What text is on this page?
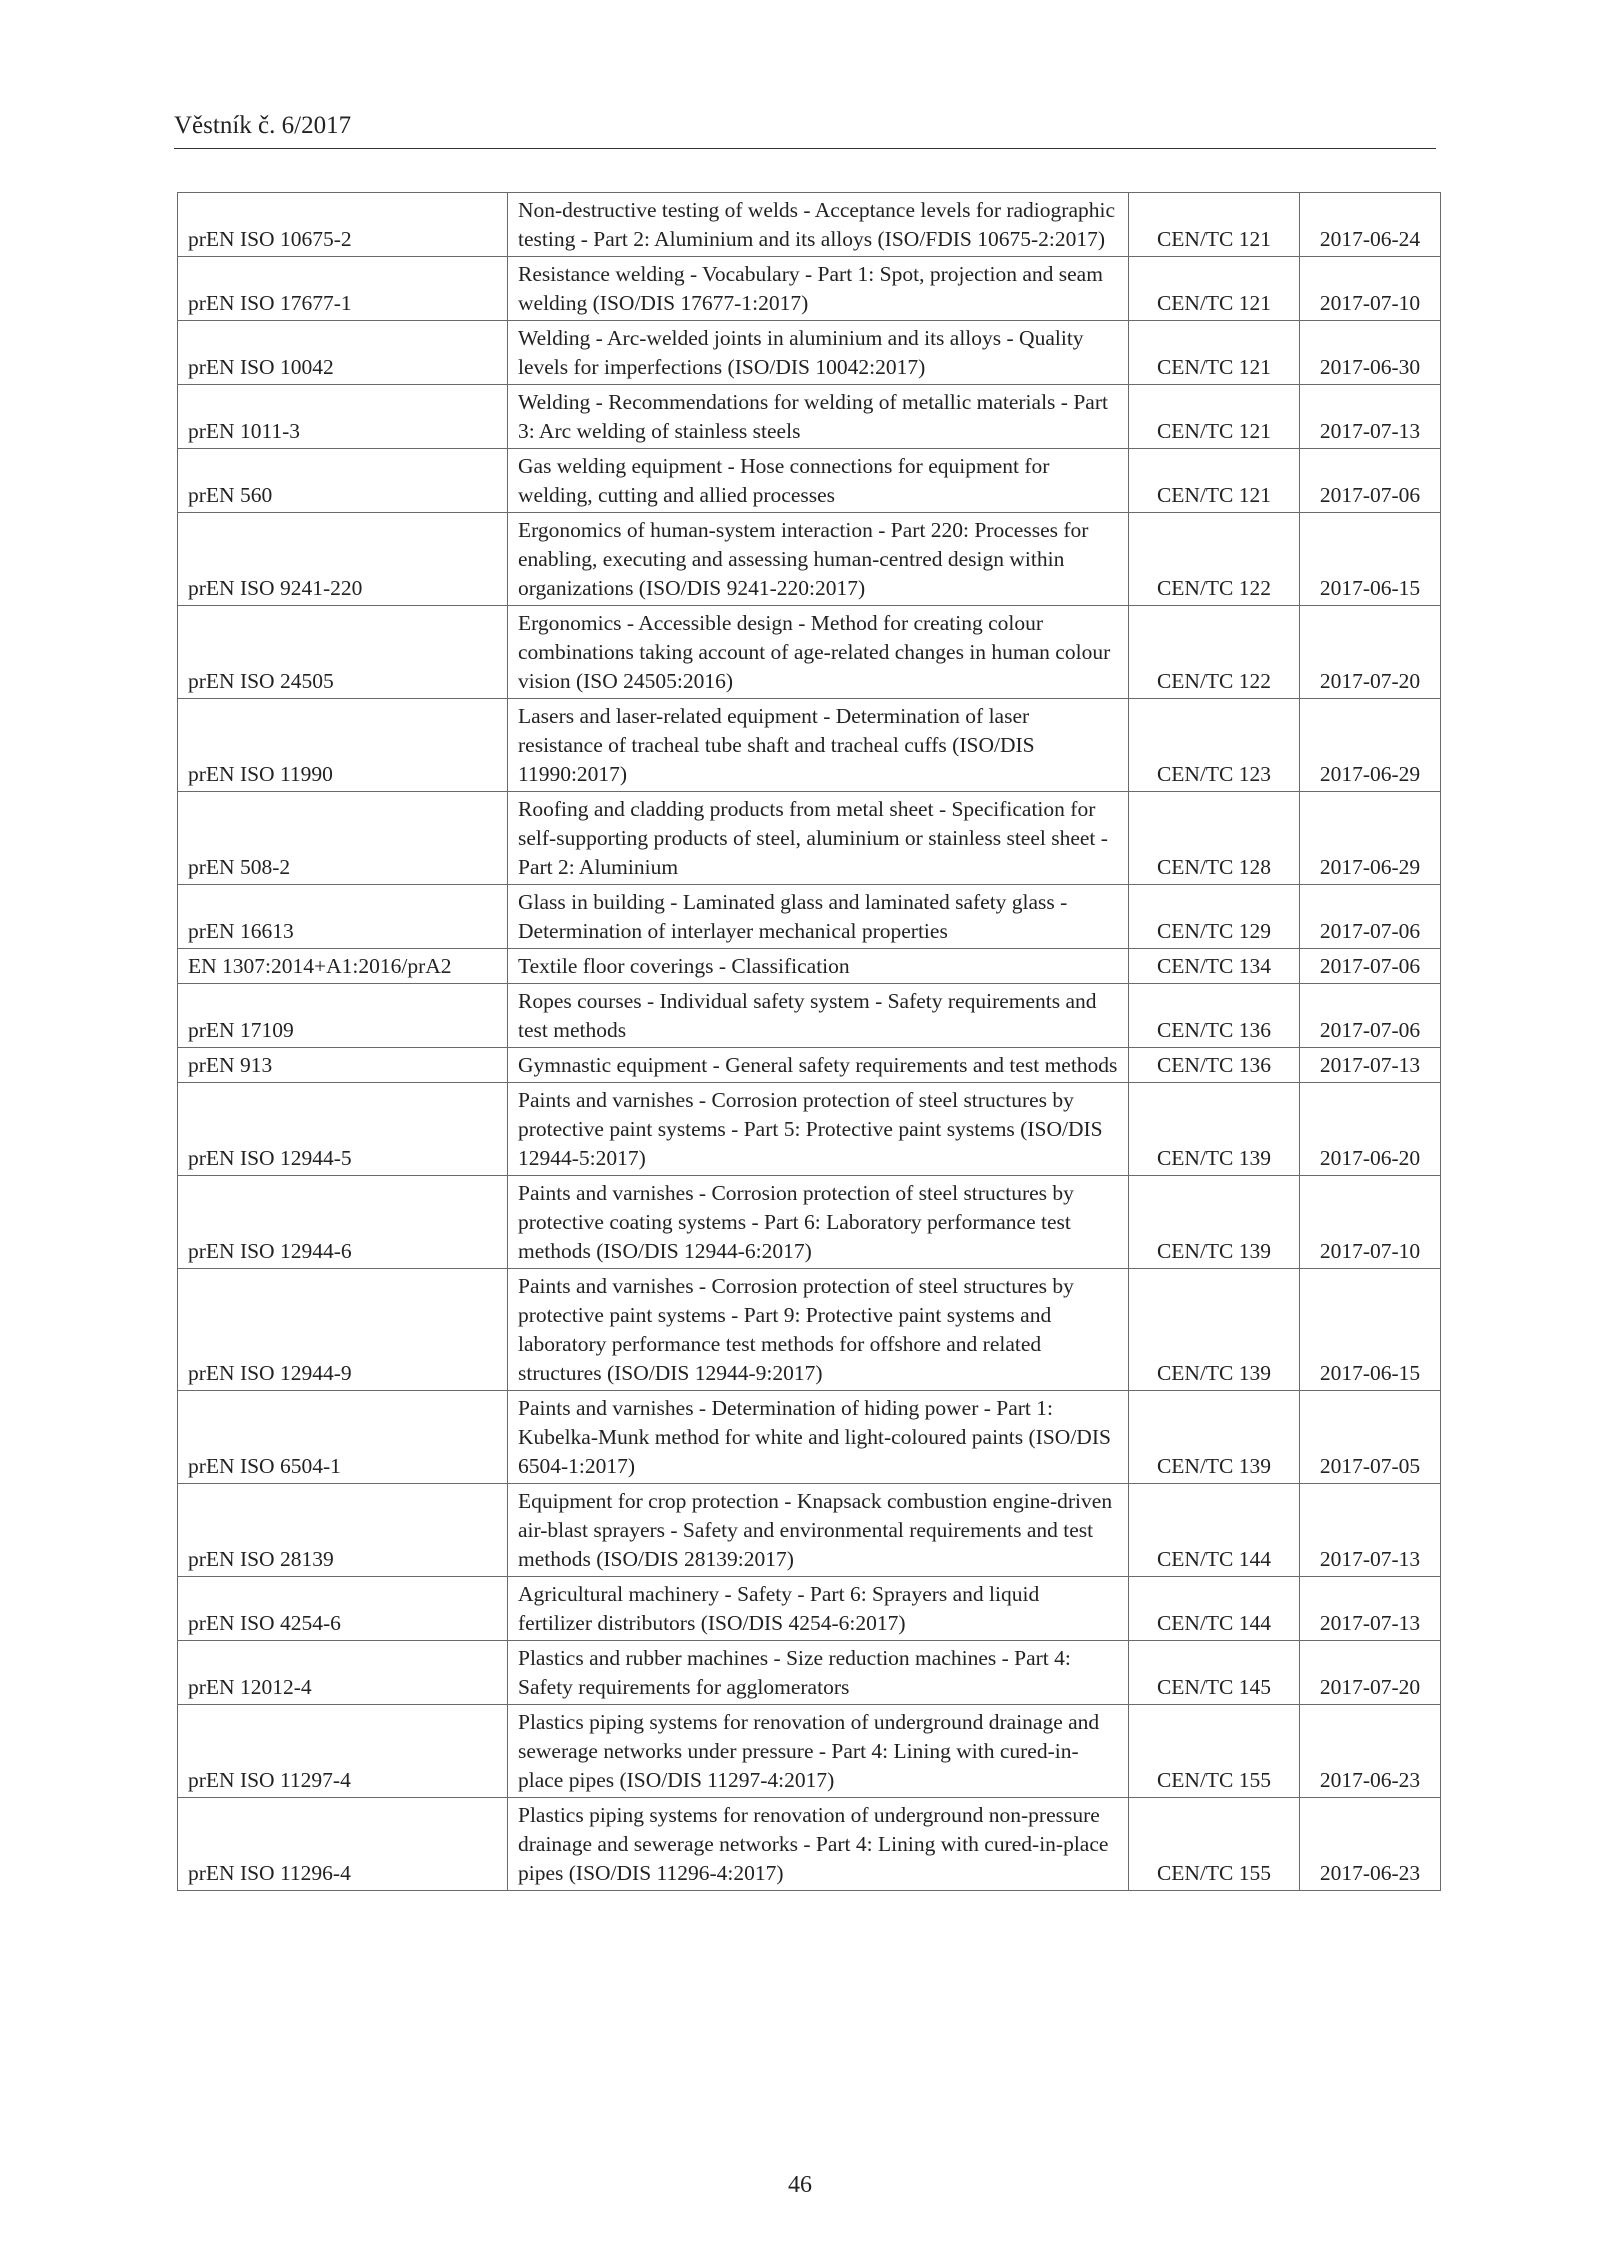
Věstník č. 6/2017
prEN ISO 10675-2	Non-destructive testing of welds - Acceptance levels for radiographic testing - Part 2: Aluminium and its alloys (ISO/FDIS 10675-2:2017)	CEN/TC 121	2017-06-24
prEN ISO 17677-1	Resistance welding - Vocabulary - Part 1: Spot, projection and seam welding (ISO/DIS 17677-1:2017)	CEN/TC 121	2017-07-10
prEN ISO 10042	Welding - Arc-welded joints in aluminium and its alloys - Quality levels for imperfections (ISO/DIS 10042:2017)	CEN/TC 121	2017-06-30
prEN 1011-3	Welding - Recommendations for welding of metallic materials - Part 3: Arc welding of stainless steels	CEN/TC 121	2017-07-13
prEN 560	Gas welding equipment - Hose connections for equipment for welding, cutting and allied processes	CEN/TC 121	2017-07-06
prEN ISO 9241-220	Ergonomics of human-system interaction - Part 220: Processes for enabling, executing and assessing human-centred design within organizations (ISO/DIS 9241-220:2017)	CEN/TC 122	2017-06-15
prEN ISO 24505	Ergonomics - Accessible design - Method for creating colour combinations taking account of age-related changes in human colour vision (ISO 24505:2016)	CEN/TC 122	2017-07-20
prEN ISO 11990	Lasers and laser-related equipment - Determination of laser resistance of tracheal tube shaft and tracheal cuffs (ISO/DIS 11990:2017)	CEN/TC 123	2017-06-29
prEN 508-2	Roofing and cladding products from metal sheet - Specification for self-supporting products of steel, aluminium or stainless steel sheet - Part 2: Aluminium	CEN/TC 128	2017-06-29
prEN 16613	Glass in building - Laminated glass and laminated safety glass - Determination of interlayer mechanical properties	CEN/TC 129	2017-07-06
EN 1307:2014+A1:2016/prA2	Textile floor coverings - Classification	CEN/TC 134	2017-07-06
prEN 17109	Ropes courses - Individual safety system - Safety requirements and test methods	CEN/TC 136	2017-07-06
prEN 913	Gymnastic equipment - General safety requirements and test methods	CEN/TC 136	2017-07-13
prEN ISO 12944-5	Paints and varnishes - Corrosion protection of steel structures by protective paint systems - Part 5: Protective paint systems (ISO/DIS 12944-5:2017)	CEN/TC 139	2017-06-20
prEN ISO 12944-6	Paints and varnishes - Corrosion protection of steel structures by protective coating systems - Part 6: Laboratory performance test methods (ISO/DIS 12944-6:2017)	CEN/TC 139	2017-07-10
prEN ISO 12944-9	Paints and varnishes - Corrosion protection of steel structures by protective paint systems - Part 9: Protective paint systems and laboratory performance test methods for offshore and related structures (ISO/DIS 12944-9:2017)	CEN/TC 139	2017-06-15
prEN ISO 6504-1	Paints and varnishes - Determination of hiding power - Part 1: Kubelka-Munk method for white and light-coloured paints (ISO/DIS 6504-1:2017)	CEN/TC 139	2017-07-05
prEN ISO 28139	Equipment for crop protection - Knapsack combustion engine-driven air-blast sprayers - Safety and environmental requirements and test methods (ISO/DIS 28139:2017)	CEN/TC 144	2017-07-13
prEN ISO 4254-6	Agricultural machinery - Safety - Part 6: Sprayers and liquid fertilizer distributors (ISO/DIS 4254-6:2017)	CEN/TC 144	2017-07-13
prEN 12012-4	Plastics and rubber machines - Size reduction machines - Part 4: Safety requirements for agglomerators	CEN/TC 145	2017-07-20
prEN ISO 11297-4	Plastics piping systems for renovation of underground drainage and sewerage networks under pressure - Part 4: Lining with cured-in-place pipes (ISO/DIS 11297-4:2017)	CEN/TC 155	2017-06-23
prEN ISO 11296-4	Plastics piping systems for renovation of underground non-pressure drainage and sewerage networks - Part 4: Lining with cured-in-place pipes (ISO/DIS 11296-4:2017)	CEN/TC 155	2017-06-23
46
